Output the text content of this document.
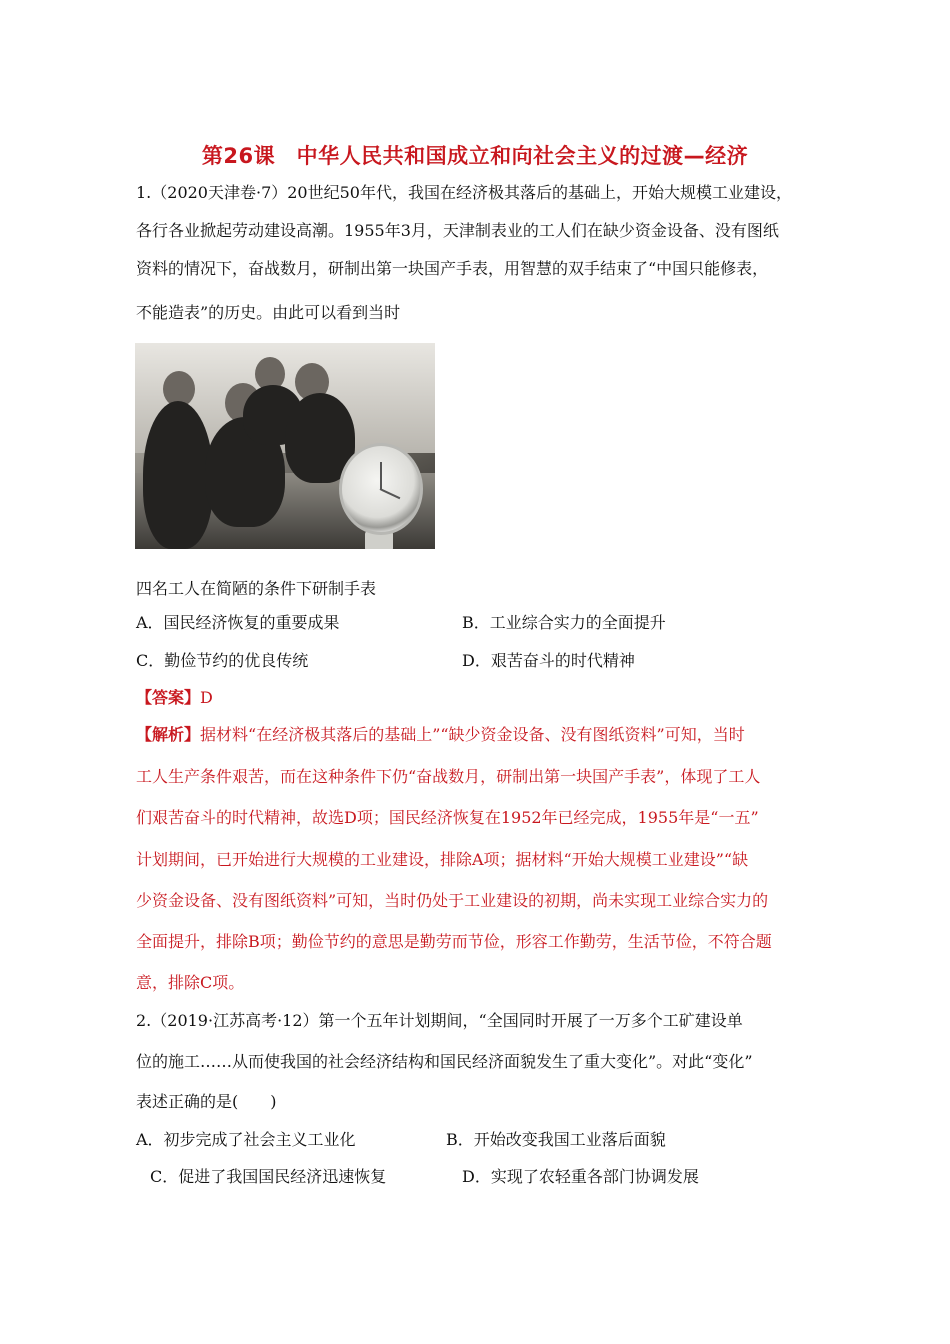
第26课　中华人民共和国成立和向社会主义的过渡—经济
1.（2020天津卷·7）20世纪50年代，我国在经济极其落后的基础上，开始大规模工业建设，
各行各业掀起劳动建设高潮。1955年3月，天津制表业的工人们在缺少资金设备、没有图纸
资料的情况下，奋战数月，研制出第一块国产手表，用智慧的双手结束了“中国只能修表，
不能造表”的历史。由此可以看到当时
四名工人在简陋的条件下研制手表
A．国民经济恢复的重要成果	B．工业综合实力的全面提升
C．勤俭节约的优良传统	D．艰苦奋斗的时代精神
【答案】D
【解析】据材料“在经济极其落后的基础上”“缺少资金设备、没有图纸资料”可知，当时
工人生产条件艰苦，而在这种条件下仍“奋战数月，研制出第一块国产手表”，体现了工人
们艰苦奋斗的时代精神，故选D项；国民经济恢复在1952年已经完成，1955年是“一五”
计划期间，已开始进行大规模的工业建设，排除A项；据材料“开始大规模工业建设”“缺
少资金设备、没有图纸资料”可知，当时仍处于工业建设的初期，尚未实现工业综合实力的
全面提升，排除B项；勤俭节约的意思是勤劳而节俭，形容工作勤劳，生活节俭，不符合题
意，排除C项。
2.（2019·江苏高考·12）第一个五年计划期间，“全国同时开展了一万多个工矿建设单
位的施工……从而使我国的社会经济结构和国民经济面貌发生了重大变化”。对此“变化”
表述正确的是(　　)
A．初步完成了社会主义工业化	B．开始改变我国工业落后面貌
C．促进了我国国民经济迅速恢复	D．实现了农轻重各部门协调发展
